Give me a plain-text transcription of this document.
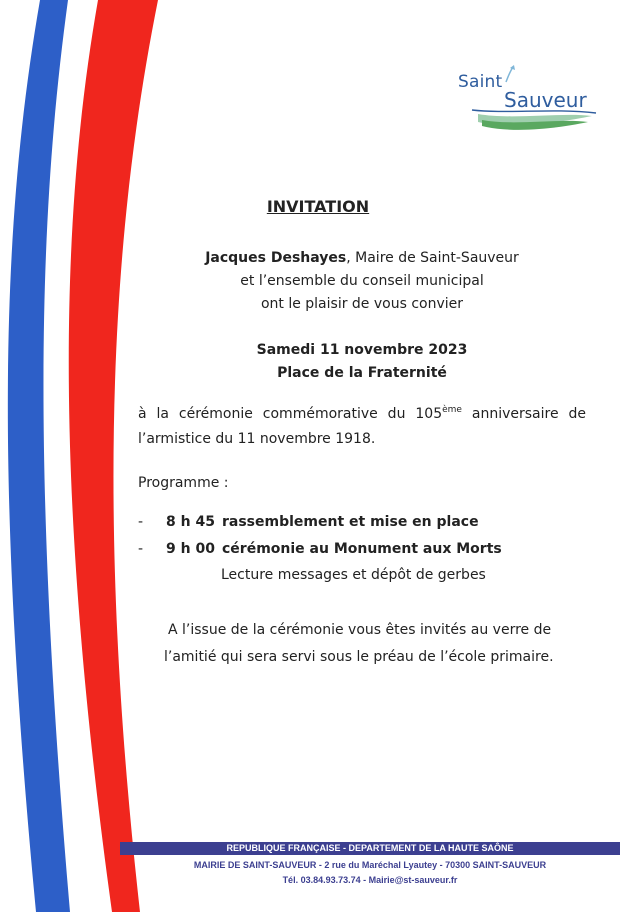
Saint
Sauveur
INVITATION
Jacques Deshayes, Maire de Saint-Sauveur
et l’ensemble du conseil municipal
ont le plaisir de vous convier
Samedi 11 novembre 2023
Place de la Fraternité
à la cérémonie commémorative du 105ème anniversaire de l’armistice du 11 novembre 1918.
Programme :
- 8 h 45 rassemblement et mise en place
- 9 h 00 cérémonie au Monument aux Morts
Lecture messages et dépôt de gerbes
A l’issue de la cérémonie vous êtes invités au verre de
l’amitié qui sera servi sous le préau de l’école primaire.
REPUBLIQUE FRANÇAISE - DEPARTEMENT DE LA HAUTE SAÔNE
MAIRIE DE SAINT-SAUVEUR - 2 rue du Maréchal Lyautey - 70300 SAINT-SAUVEUR
Tél. 03.84.93.73.74 - Mairie@st-sauveur.fr
